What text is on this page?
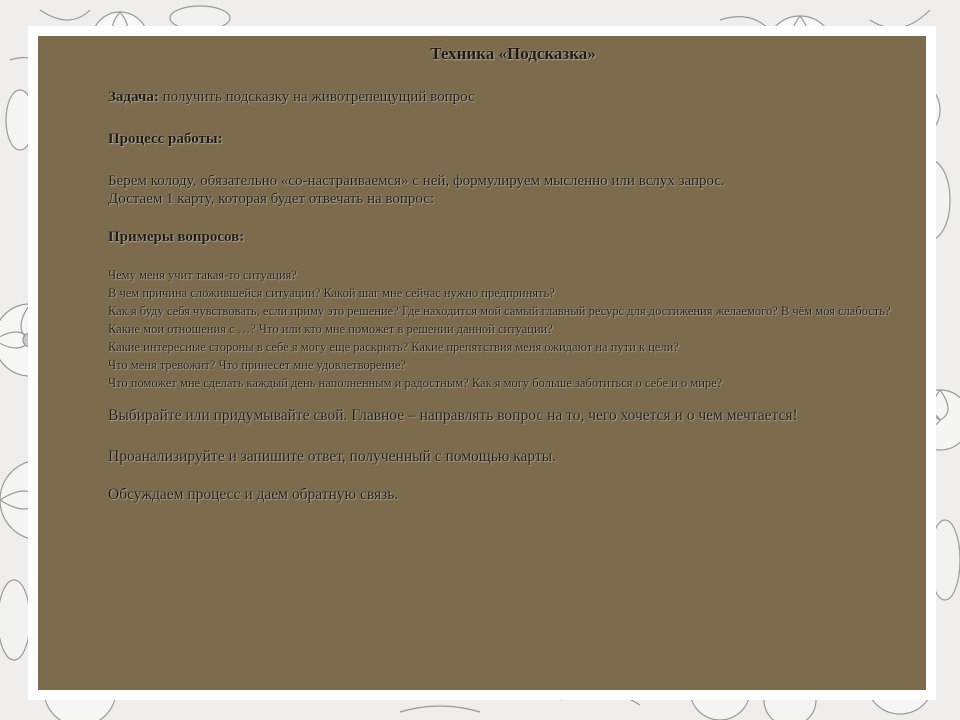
Техника «Подсказка»

Задача: получить подсказку на животрепещущий вопрос

Процесс работы:

Берем колоду, обязательно «со-настраиваемся» с ней, формулируем мысленно или вслух запрос.

Достаем 1 карту, которая будет отвечать на вопрос:

Примеры вопросов:

Чему меня учит такая-то ситуация?
В чем причина сложившейся ситуации? Какой шаг мне сейчас нужно предпринять?
Как я буду себя чувствовать, если приму это решение? Где находится мой самый главный ресурс для достижения желаемого? В чём моя слабость?
Какие мои отношения с …? Что или кто мне поможет в решении данной ситуации?
Какие интересные стороны в себе я могу еще раскрыть? Какие препятствия меня ожидают на пути к цели?
Что меня тревожит? Что принесет мне удовлетворение?
Что поможет мне сделать каждый день наполненным и радостным? Как я могу больше заботиться о себе и о мире?

Выбирайте или придумывайте свой. Главное – направлять вопрос на то, чего хочется и о чем мечтается!

Проанализируйте и запишите ответ, полученный с помощью карты.

Обсуждаем процесс и даем обратную связь.
